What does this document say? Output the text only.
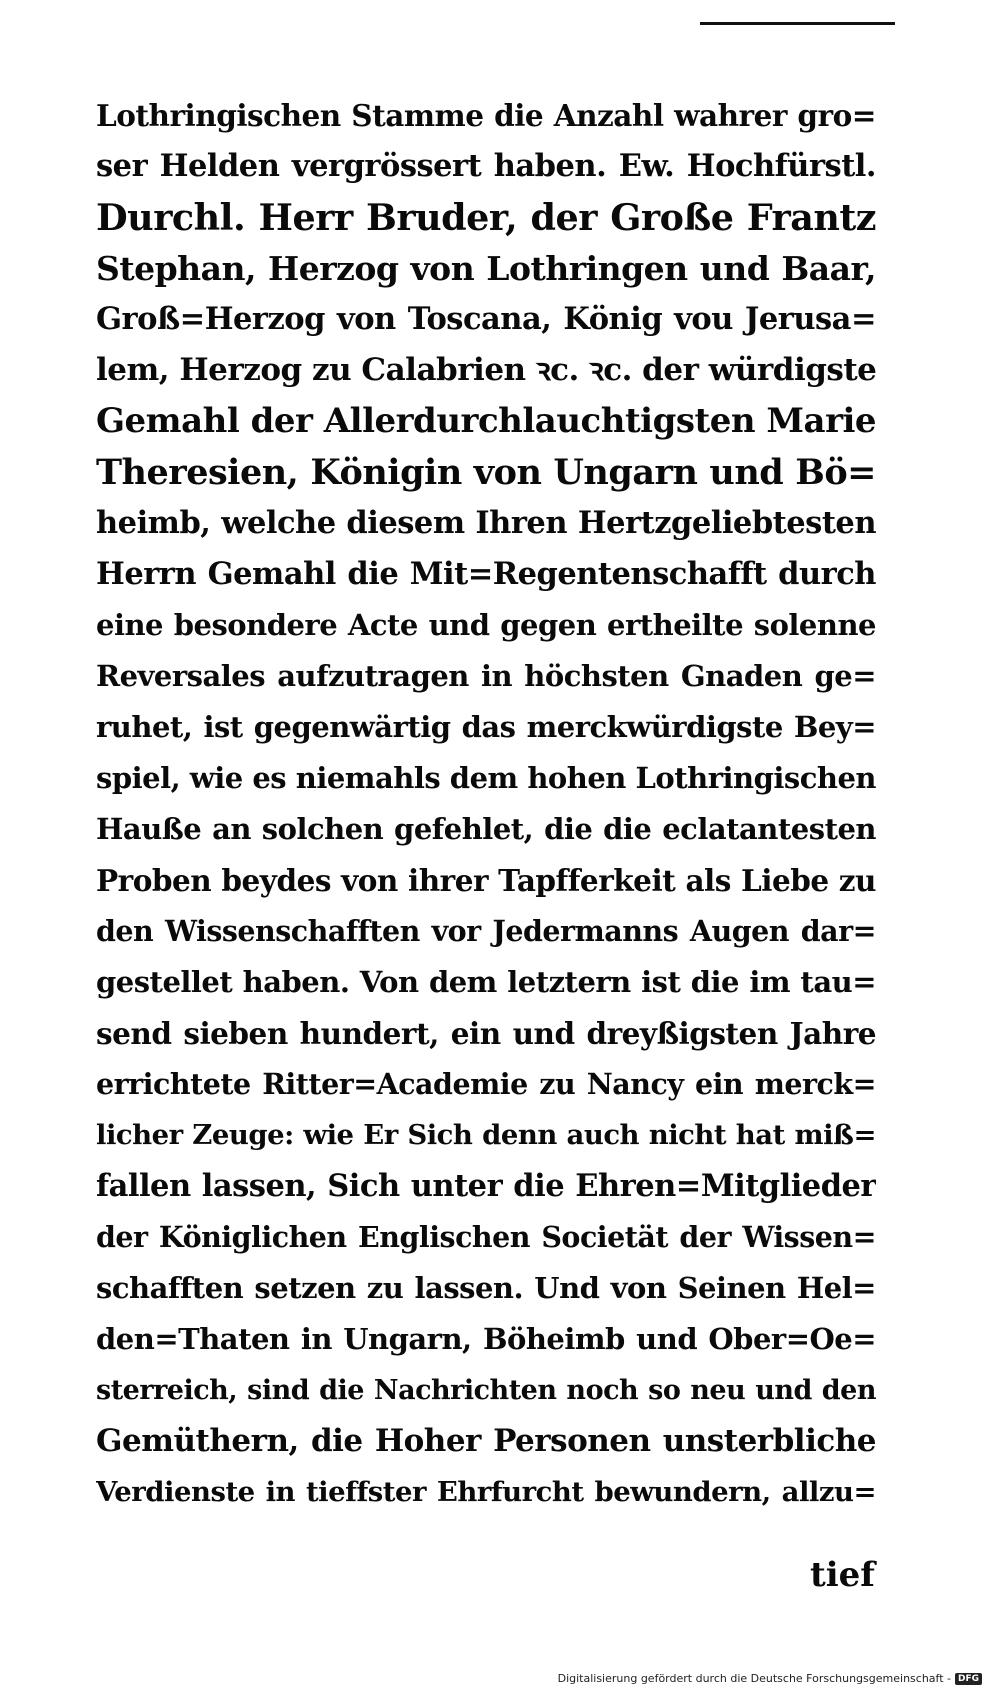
Lothringischen Stamme die Anzahl wahrer gro=
ser Helden vergrössert haben. Ew. Hochfürstl.
Durchl. Herr Bruder, der Große Frantz
Stephan, Herzog von Lothringen und Baar,
Groß=Herzog von Toscana, König vou Jerusa=
lem, Herzog zu Calabrien ꝛc. ꝛc. der würdigste
Gemahl der Allerdurchlauchtigsten Marie
Theresien, Königin von Ungarn und Bö=
heimb, welche diesem Ihren Hertzgeliebtesten
Herrn Gemahl die Mit=Regentenschafft durch
eine besondere Acte und gegen ertheilte solenne
Reversales aufzutragen in höchsten Gnaden ge=
ruhet, ist gegenwärtig das merckwürdigste Bey=
spiel, wie es niemahls dem hohen Lothringischen
Hauße an solchen gefehlet, die die eclatantesten
Proben beydes von ihrer Tapfferkeit als Liebe zu
den Wissenschafften vor Jedermanns Augen dar=
gestellet haben. Von dem letztern ist die im tau=
send sieben hundert, ein und dreyßigsten Jahre
errichtete Ritter=Academie zu Nancy ein merck=
licher Zeuge: wie Er Sich denn auch nicht hat miß=
fallen lassen, Sich unter die Ehren=Mitglieder
der Königlichen Englischen Societät der Wissen=
schafften setzen zu lassen. Und von Seinen Hel=
den=Thaten in Ungarn, Böheimb und Ober=Oe=
sterreich, sind die Nachrichten noch so neu und den
Gemüthern, die Hoher Personen unsterbliche
Verdienste in tieffster Ehrfurcht bewundern, allzu=
tief
Digitalisierung gefördert durch die Deutsche Forschungsgemeinschaft - DFG
